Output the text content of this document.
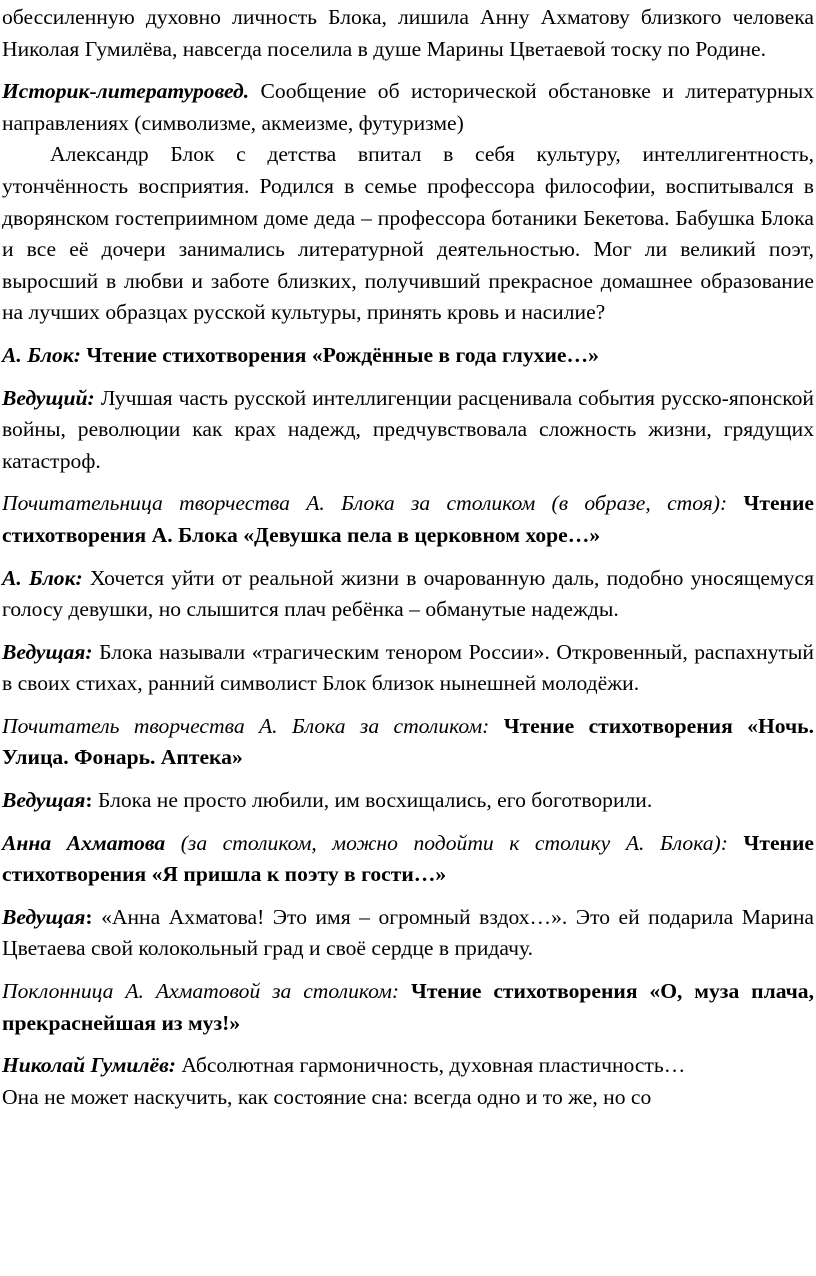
обессиленную духовно личность Блока, лишила Анну Ахматову близкого человека Николая Гумилёва, навсегда поселила в душе Марины Цветаевой тоску по Родине.

Историк-литературовед. Сообщение об исторической обстановке и литературных направлениях (символизме, акмеизме, футуризме)

Александр Блок с детства впитал в себя культуру, интеллигентность, утончённость восприятия. Родился в семье профессора философии, воспитывался в дворянском гостеприимном доме деда – профессора ботаники Бекетова. Бабушка Блока и все её дочери занимались литературной деятельностью. Мог ли великий поэт, выросший в любви и заботе близких, получивший прекрасное домашнее образование на лучших образцах русской культуры, принять кровь и насилие?

А. Блок: Чтение стихотворения «Рождённые в года глухие…»

Ведущий: Лучшая часть русской интеллигенции расценивала события русско-японской войны, революции как крах надежд, предчувствовала сложность жизни, грядущих катастроф.

Почитательница творчества А. Блока за столиком (в образе, стоя): Чтение стихотворения А. Блока «Девушка пела в церковном хоре…»

А. Блок: Хочется уйти от реальной жизни в очарованную даль, подобно уносящемуся голосу девушки, но слышится плач ребёнка – обманутые надежды.

Ведущая: Блока называли «трагическим тенором России». Откровенный, распахнутый в своих стихах, ранний символист Блок близок нынешней молодёжи.

Почитатель творчества А. Блока за столиком: Чтение стихотворения «Ночь. Улица. Фонарь. Аптека»

Ведущая: Блока не просто любили, им восхищались, его боготворили.

Анна Ахматова (за столиком, можно подойти к столику А. Блока): Чтение стихотворения «Я пришла к поэту в гости…»

Ведущая: «Анна Ахматова! Это имя – огромный вздох…». Это ей подарила Марина Цветаева свой колокольный град и своё сердце в придачу.

Поклонница А. Ахматовой за столиком: Чтение стихотворения «О, муза плача, прекраснейшая из муз!»

Николай Гумилёв: Абсолютная гармоничность, духовная пластичность…

Она не может наскучить, как состояние сна: всегда одно и то же, но со
